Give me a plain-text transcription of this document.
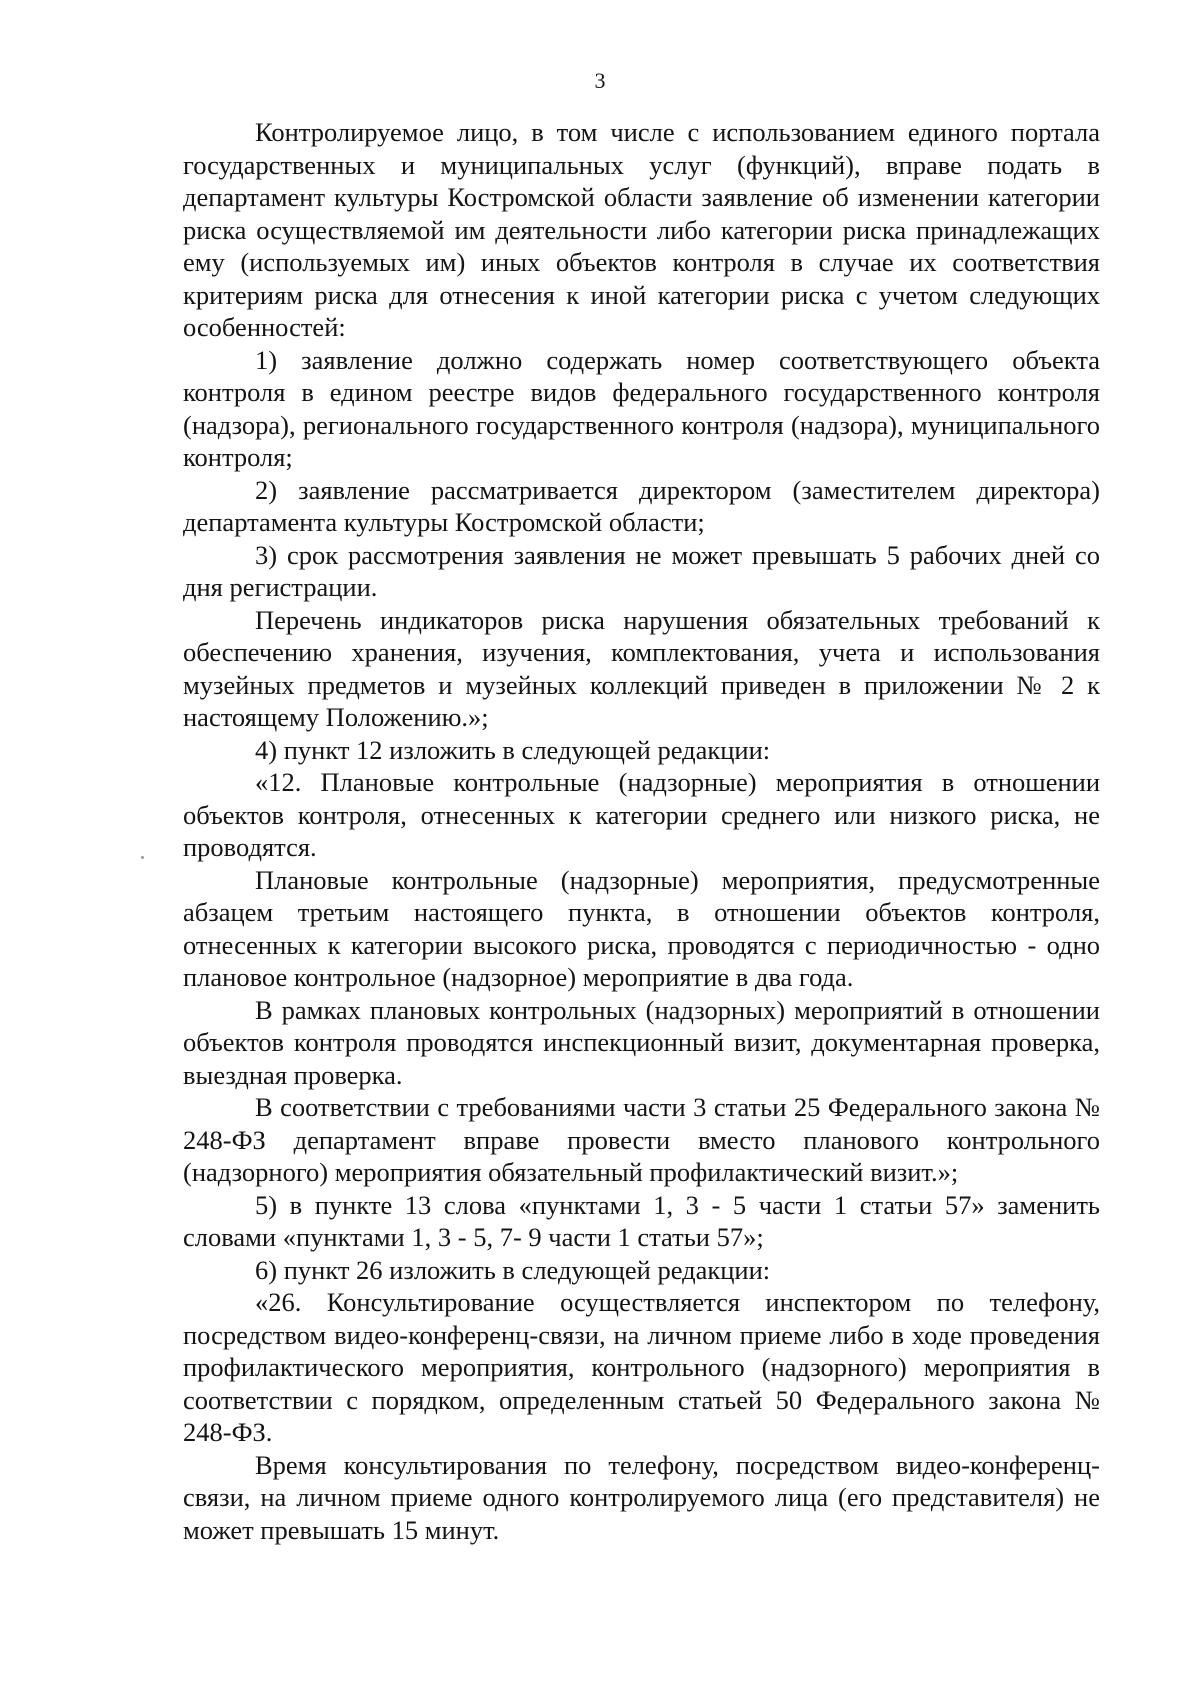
3

Контролируемое лицо, в том числе с использованием единого портала государственных и муниципальных услуг (функций), вправе подать в департамент культуры Костромской области заявление об изменении категории риска осуществляемой им деятельности либо категории риска принадлежащих ему (используемых им) иных объектов контроля в случае их соответствия критериям риска для отнесения к иной категории риска с учетом следующих особенностей:

1) заявление должно содержать номер соответствующего объекта контроля в едином реестре видов федерального государственного контроля (надзора), регионального государственного контроля (надзора), муниципального контроля;

2) заявление рассматривается директором (заместителем директора) департамента культуры Костромской области;

3) срок рассмотрения заявления не может превышать 5 рабочих дней со дня регистрации.

Перечень индикаторов риска нарушения обязательных требований к обеспечению хранения, изучения, комплектования, учета и использования музейных предметов и музейных коллекций приведен в приложении № 2 к настоящему Положению.»;

4) пункт 12 изложить в следующей редакции:

«12. Плановые контрольные (надзорные) мероприятия в отношении объектов контроля, отнесенных к категории среднего или низкого риска, не проводятся.

Плановые контрольные (надзорные) мероприятия, предусмотренные абзацем третьим настоящего пункта, в отношении объектов контроля, отнесенных к категории высокого риска, проводятся с периодичностью - одно плановое контрольное (надзорное) мероприятие в два года.

В рамках плановых контрольных (надзорных) мероприятий в отношении объектов контроля проводятся инспекционный визит, документарная проверка, выездная проверка.

В соответствии с требованиями части 3 статьи 25 Федерального закона № 248-ФЗ департамент вправе провести вместо планового контрольного (надзорного) мероприятия обязательный профилактический визит.»;

5) в пункте 13 слова «пунктами 1, 3 - 5 части 1 статьи 57» заменить словами «пунктами 1, 3 - 5, 7- 9 части 1 статьи 57»;

6) пункт 26 изложить в следующей редакции:

«26. Консультирование осуществляется инспектором по телефону, посредством видео-конференц-связи, на личном приеме либо в ходе проведения профилактического мероприятия, контрольного (надзорного) мероприятия в соответствии с порядком, определенным статьей 50 Федерального закона № 248-ФЗ.

Время консультирования по телефону, посредством видео-конференц-связи, на личном приеме одного контролируемого лица (его представителя) не может превышать 15 минут.
